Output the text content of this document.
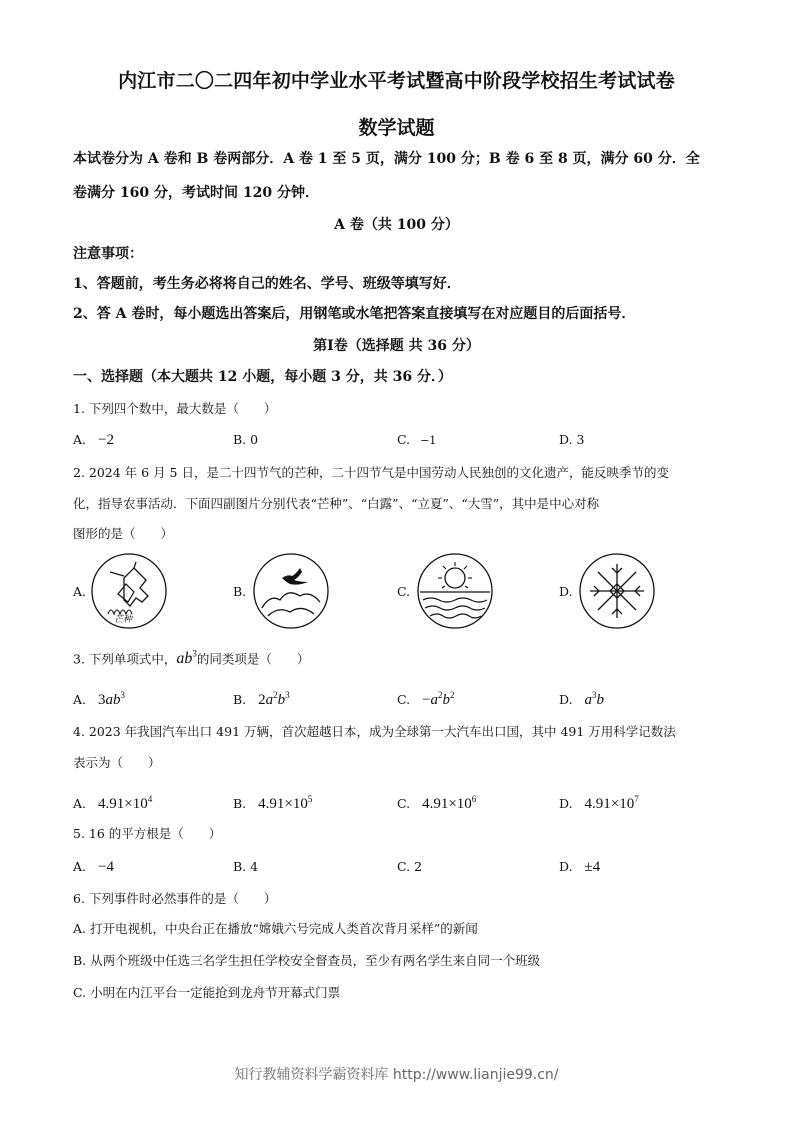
内江市二〇二四年初中学业水平考试暨高中阶段学校招生考试试卷
数学试题
本试卷分为 A 卷和 B 卷两部分．A 卷 1 至 5 页，满分 100 分；B 卷 6 至 8 页，满分 60 分．全
卷满分 160 分，考试时间 120 分钟．
A 卷（共 100 分）
注意事项：
1、答题前，考生务必将将自己的姓名、学号、班级等填写好．
2、答 A 卷时，每小题选出答案后，用钢笔或水笔把答案直接填写在对应题目的后面括号．
第Ⅰ卷（选择题 共 36 分）
一、选择题（本大题共 12 小题，每小题 3 分，共 36 分．）
1. 下列四个数中，最大数是（　　）
A. −2	B. 0	C. −1	D. 3
2. 2024 年 6 月 5 日，是二十四节气的芒种，二十四节气是中国劳动人民独创的文化遗产，能反映季节的变
化，指导农事活动．下面四副图片分别代表“芒种”、“白露”、“立夏”、“大雪”，其中是中心对称
图形的是（　　）
A.	B.	C.	D.
芒种
3. 下列单项式中，$ab^3$的同类项是（　　）
A. $3ab^3$	B. $2a^2b^3$	C. $-a^2b^2$	D. $a^3b$
4. 2023 年我国汽车出口 491 万辆，首次超越日本，成为全球第一大汽车出口国，其中 491 万用科学记数法
表示为（　　）
A. $4.91\times 10^4$	B. $4.91\times 10^5$	C. $4.91\times 10^6$	D. $4.91\times 10^7$
5. 16 的平方根是（　　）
A. −4	B. 4	C. 2	D. ±4
6. 下列事件时必然事件的是（　　）
A. 打开电视机，中央台正在播放“嫦娥六号完成人类首次背月采样”的新闻
B. 从两个班级中任选三名学生担任学校安全督查员，至少有两名学生来自同一个班级
C. 小明在内江平台一定能抢到龙舟节开幕式门票
知行教辅资料学霸资料库 http://www.lianjie99.cn/
